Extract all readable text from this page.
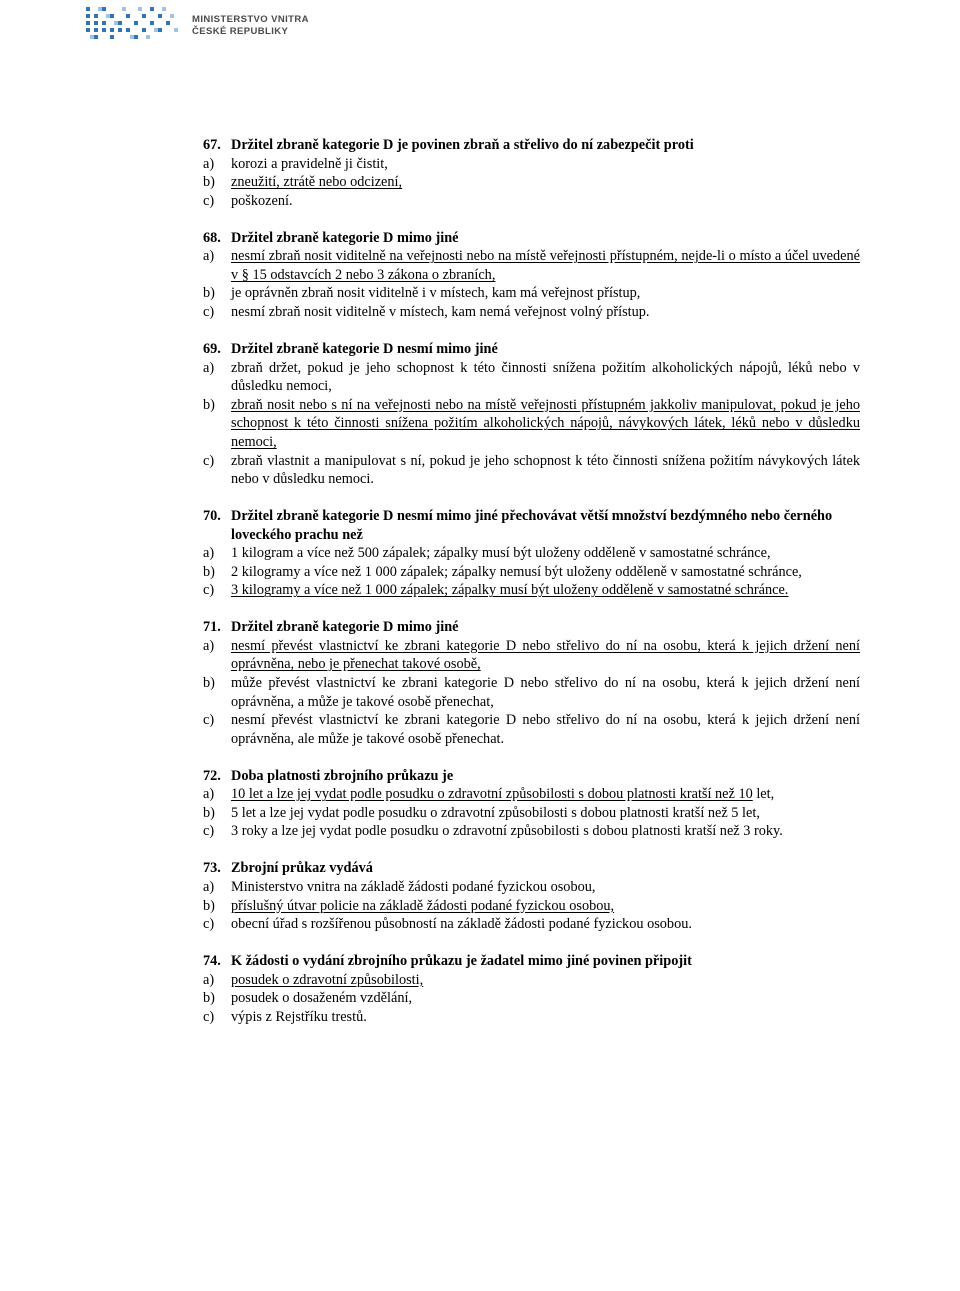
MINISTERSTVO VNITRA
ČESKÉ REPUBLIKY
67. Držitel zbraně kategorie D je povinen zbraň a střelivo do ní zabezpečit proti
a) korozi a pravidelně ji čistit,
b) zneužití, ztrátě nebo odcizení,
c) poškození.
68. Držitel zbraně kategorie D mimo jiné
a) nesmí zbraň nosit viditelně na veřejnosti nebo na místě veřejnosti přístupném, nejde-li o místo a účel uvedené v § 15 odstavcích 2 nebo 3 zákona o zbraních,
b) je oprávněn zbraň nosit viditelně i v místech, kam má veřejnost přístup,
c) nesmí zbraň nosit viditelně v místech, kam nemá veřejnost volný přístup.
69. Držitel zbraně kategorie D nesmí mimo jiné
a) zbraň držet, pokud je jeho schopnost k této činnosti snížena požitím alkoholických nápojů, léků nebo v důsledku nemoci,
b) zbraň nosit nebo s ní na veřejnosti nebo na místě veřejnosti přístupném jakkoliv manipulovat, pokud je jeho schopnost k této činnosti snížena požitím alkoholických nápojů, návykových látek, léků nebo v důsledku nemoci,
c) zbraň vlastnit a manipulovat s ní, pokud je jeho schopnost k této činnosti snížena požitím návykových látek nebo v důsledku nemoci.
70. Držitel zbraně kategorie D nesmí mimo jiné přechovávat větší množství bezdýmného nebo černého loveckého prachu než
a) 1 kilogram a více než 500 zápalek; zápalky musí být uloženy odděleně v samostatné schránce,
b) 2 kilogramy a více než 1 000 zápalek; zápalky nemusí být uloženy odděleně v samostatné schránce,
c) 3 kilogramy a více než 1 000 zápalek; zápalky musí být uloženy odděleně v samostatné schránce.
71. Držitel zbraně kategorie D mimo jiné
a) nesmí převést vlastnictví ke zbrani kategorie D nebo střelivo do ní na osobu, která k jejich držení není oprávněna, nebo je přenechat takové osobě,
b) může převést vlastnictví ke zbrani kategorie D nebo střelivo do ní na osobu, která k jejich držení není oprávněna, a může je takové osobě přenechat,
c) nesmí převést vlastnictví ke zbrani kategorie D nebo střelivo do ní na osobu, která k jejich držení není oprávněna, ale může je takové osobě přenechat.
72. Doba platnosti zbrojního průkazu je
a) 10 let a lze jej vydat podle posudku o zdravotní způsobilosti s dobou platnosti kratší než 10 let,
b) 5 let a lze jej vydat podle posudku o zdravotní způsobilosti s dobou platnosti kratší než 5 let,
c) 3 roky a lze jej vydat podle posudku o zdravotní způsobilosti s dobou platnosti kratší než 3 roky.
73. Zbrojní průkaz vydává
a) Ministerstvo vnitra na základě žádosti podané fyzickou osobou,
b) příslušný útvar policie na základě žádosti podané fyzickou osobou,
c) obecní úřad s rozšířenou působností na základě žádosti podané fyzickou osobou.
74. K žádosti o vydání zbrojního průkazu je žadatel mimo jiné povinen připojit
a) posudek o zdravotní způsobilosti,
b) posudek o dosaženém vzdělání,
c) výpis z Rejstříku trestů.
